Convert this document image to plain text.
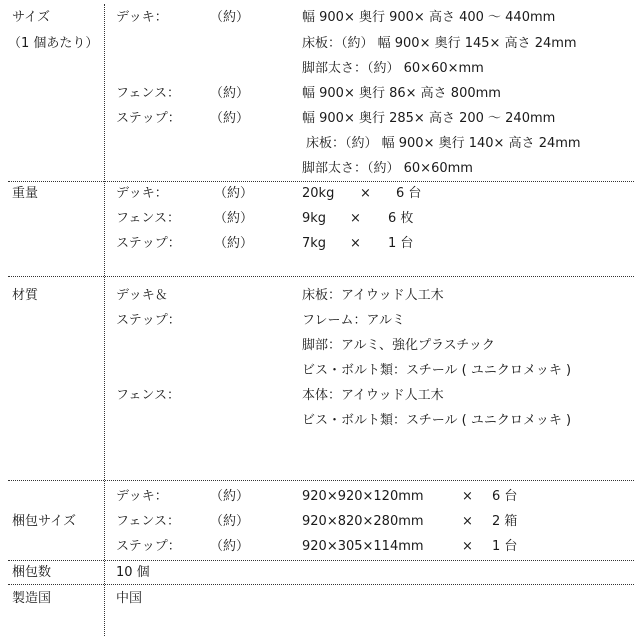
サイズ
（1 個あたり）
デッキ：	（約）	幅 900× 奥行 900× 高さ 400 〜 440mm
床板：（約） 幅 900× 奥行 145× 高さ 24mm
脚部太さ：（約） 60×60×mm
フェンス： （約）	幅 900× 奥行 86× 高さ 800mm
ステップ： （約）	幅 900× 奥行 285× 高さ 200 〜 240mm
床板：（約） 幅 900× 奥行 140× 高さ 24mm
脚部太さ：（約） 60×60mm
重量	デッキ：	（約）	20kg × 6 台
フェンス：	（約）	9kg × 6 枚
ステップ：	（約）	7kg × 1 台
材質	デッキ＆
ステップ：
床板：アイウッド人工木
フレーム：アルミ
脚部：アルミ、強化プラスチック
ビス・ボルト類：スチール ( ユニクロメッキ )
フェンス：	本体：アイウッド人工木
ビス・ボルト類：スチール ( ユニクロメッキ )
梱包サイズ
デッキ：	（約）	920×920×120mm	× 6 台
フェンス： （約）	920×820×280mm	× 2 箱
ステップ： （約）	920×305×114mm	× 1 台
梱包数	10 個
製造国	中国
